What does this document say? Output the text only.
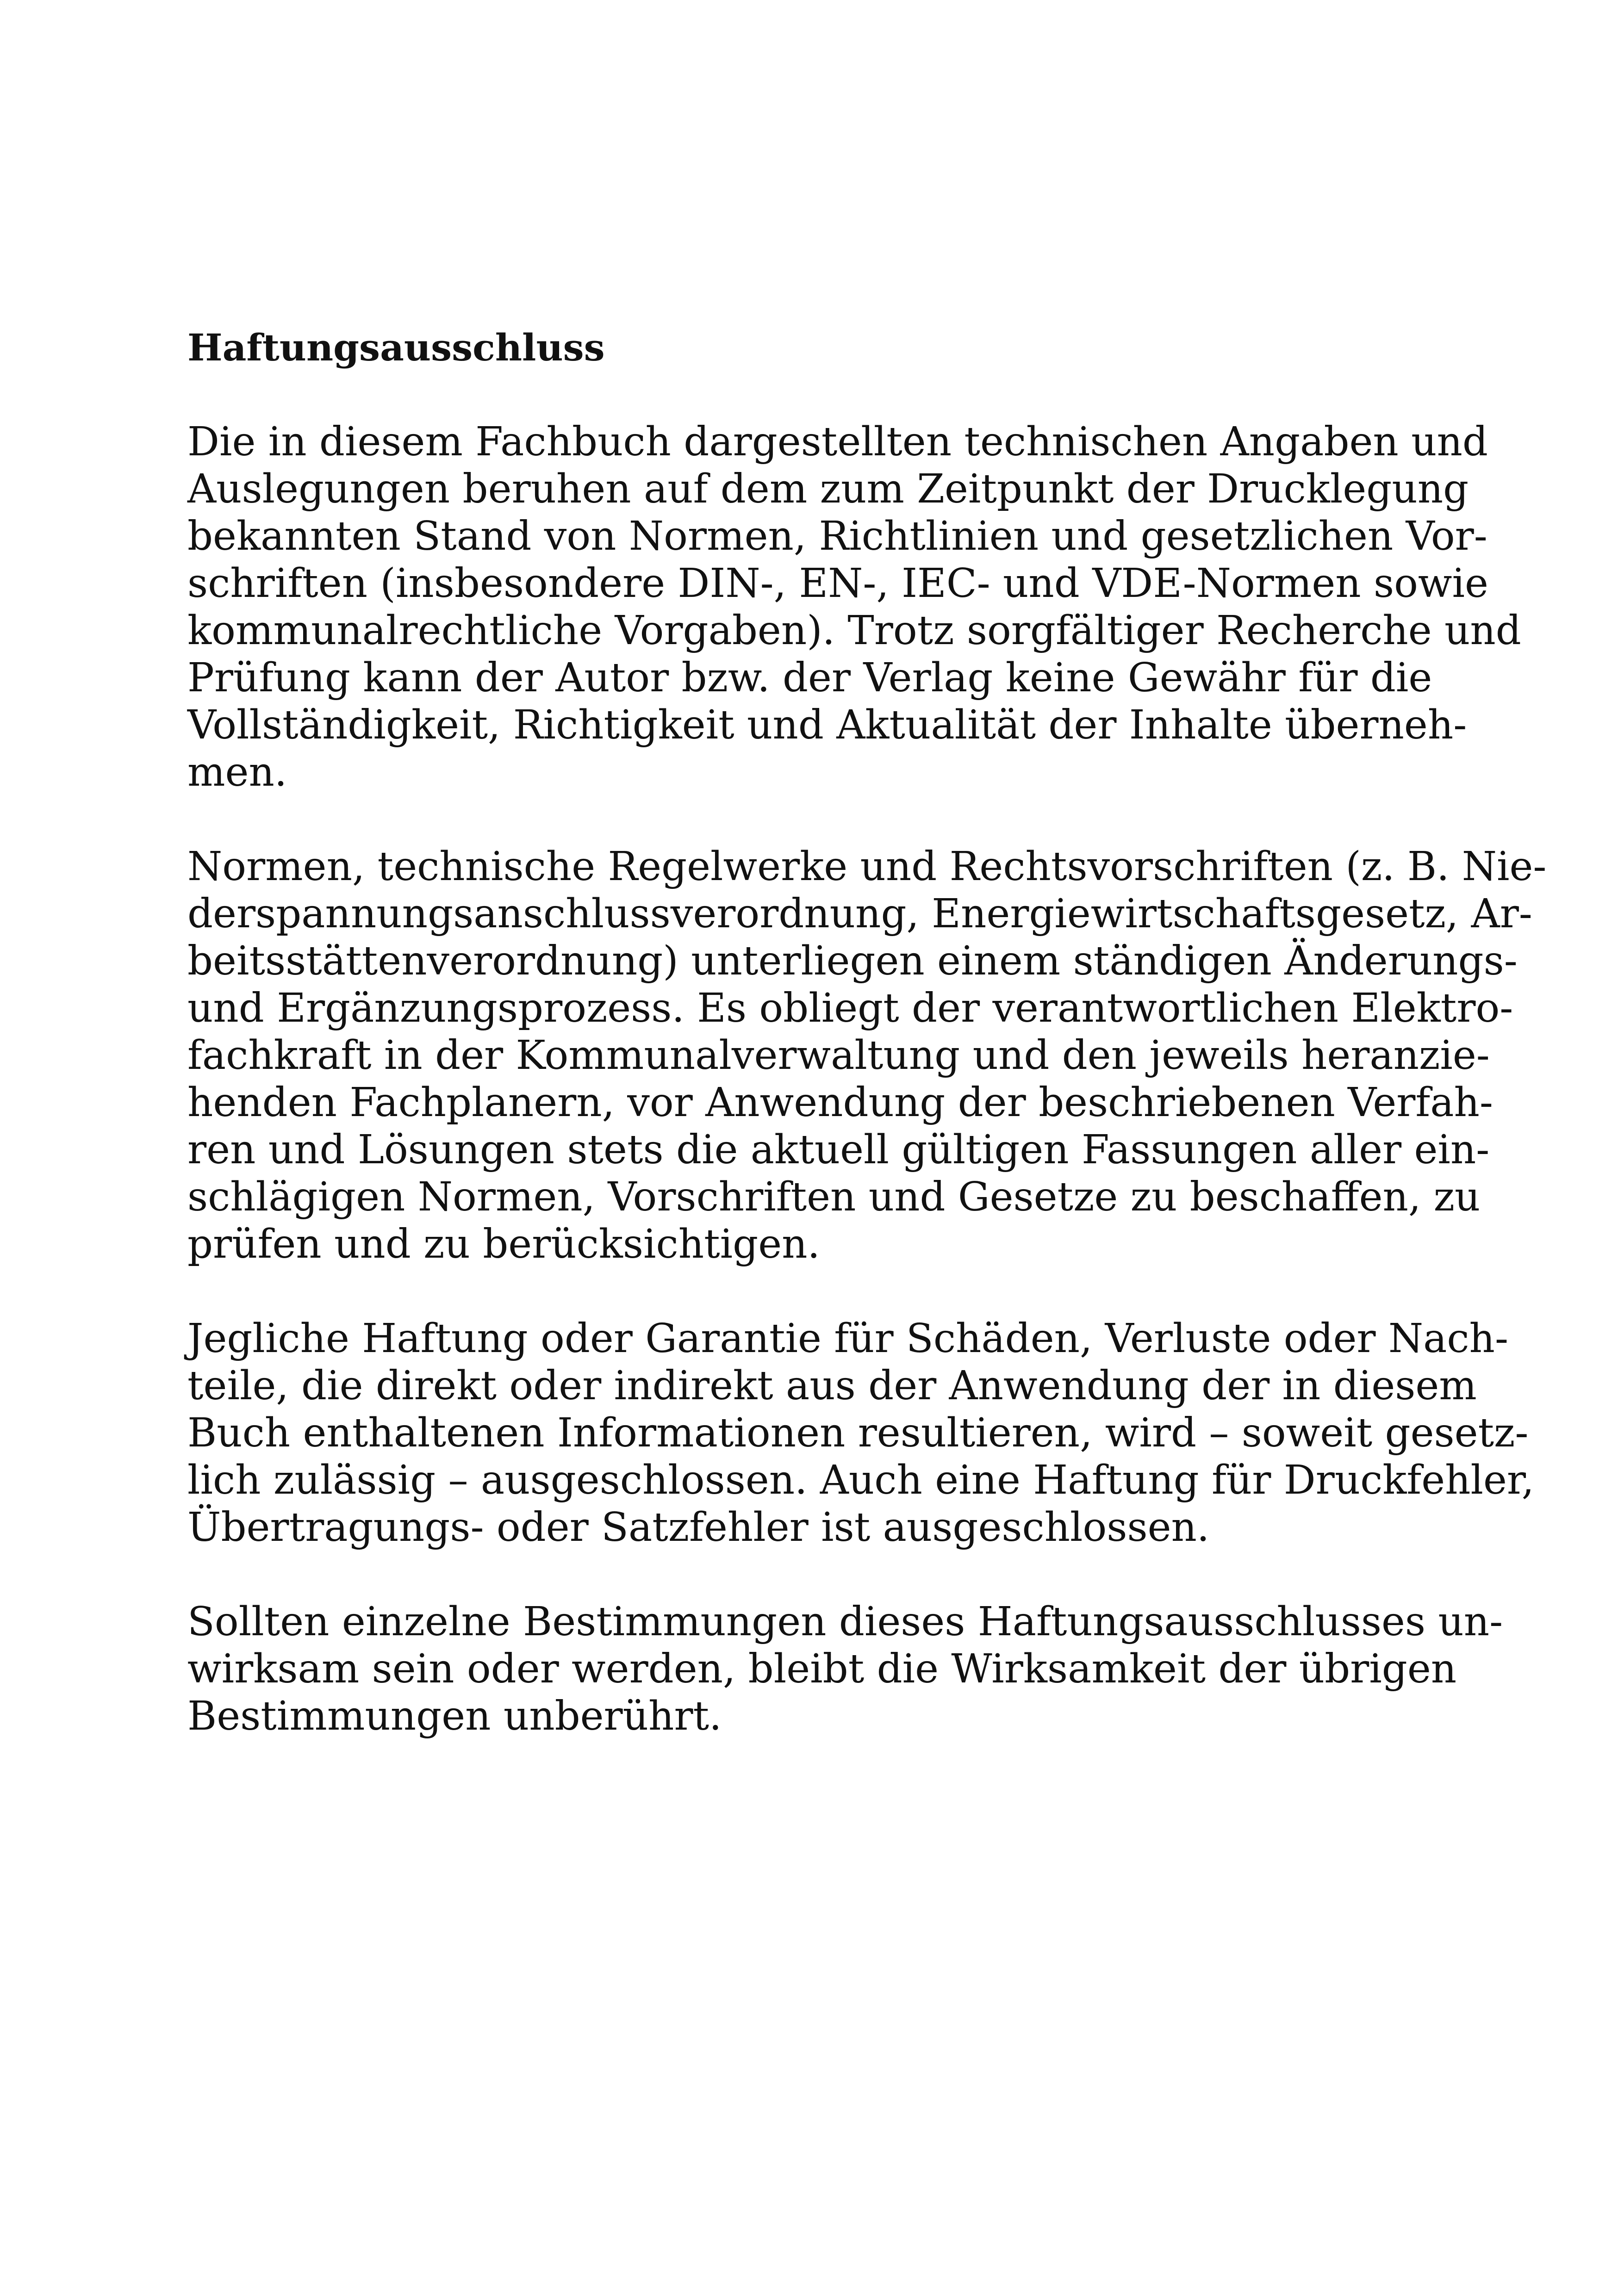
Haftungsausschluss
Die in diesem Fachbuch dargestellten technischen Angaben und
Auslegungen beruhen auf dem zum Zeitpunkt der Drucklegung
bekannten Stand von Normen, Richtlinien und gesetzlichen Vor-
schriften (insbesondere DIN-, EN-, IEC- und VDE-Normen sowie
kommunalrechtliche Vorgaben). Trotz sorgfältiger Recherche und
Prüfung kann der Autor bzw. der Verlag keine Gewähr für die
Vollständigkeit, Richtigkeit und Aktualität der Inhalte überneh-
men.
Normen, technische Regelwerke und Rechtsvorschriften (z. B. Nie-
derspannungsanschlussverordnung, Energiewirtschaftsgesetz, Ar-
beitsstättenverordnung) unterliegen einem ständigen Änderungs-
und Ergänzungsprozess. Es obliegt der verantwortlichen Elektro-
fachkraft in der Kommunalverwaltung und den jeweils heranzie-
henden Fachplanern, vor Anwendung der beschriebenen Verfah-
ren und Lösungen stets die aktuell gültigen Fassungen aller ein-
schlägigen Normen, Vorschriften und Gesetze zu beschaffen, zu
prüfen und zu berücksichtigen.
Jegliche Haftung oder Garantie für Schäden, Verluste oder Nach-
teile, die direkt oder indirekt aus der Anwendung der in diesem
Buch enthaltenen Informationen resultieren, wird – soweit gesetz-
lich zulässig – ausgeschlossen. Auch eine Haftung für Druckfehler,
Übertragungs- oder Satzfehler ist ausgeschlossen.
Sollten einzelne Bestimmungen dieses Haftungsausschlusses un-
wirksam sein oder werden, bleibt die Wirksamkeit der übrigen
Bestimmungen unberührt.
